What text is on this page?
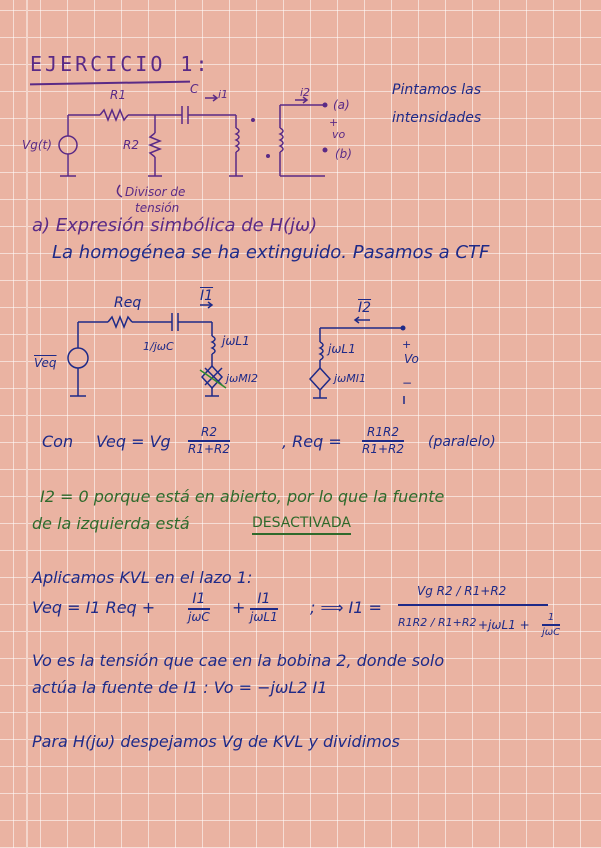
EJERCICIO 1:
Pintamos las
intensidades
Vg(t)
R1
R2
C i1	i2
(a)
+
vo
(b)
Divisor de
tensión
a) Expresión simbólica de H(jω)
La homogénea se ha extinguido. Pasamos a CTF
Req	I1
I2
1/jωC	jωL1
jωL1
jωMI2	jωMI1
$\overline{Veq}$
+
Vo
−
Con Veq = Vg	R2
R1+R2	, Req = R1R2
R1+R2 (paralelo)
I2 = 0 porque está en abierto, por lo que la fuente
de la izquierda está	DESACTIVADA
Aplicamos KVL en el lazo 1:
Veq = I1 Req +	I1
jωC + I1
jωL1 ; ⟹ I1 =
Vg R2 / R1+R2
R1R2 / R1+R2 +jωL1 +
1
jωC
Vo es la tensión que cae en la bobina 2, donde solo
actúa la fuente de I1 : Vo = −jωL2 I1
Para H(jω) despejamos Vg de KVL y dividimos
